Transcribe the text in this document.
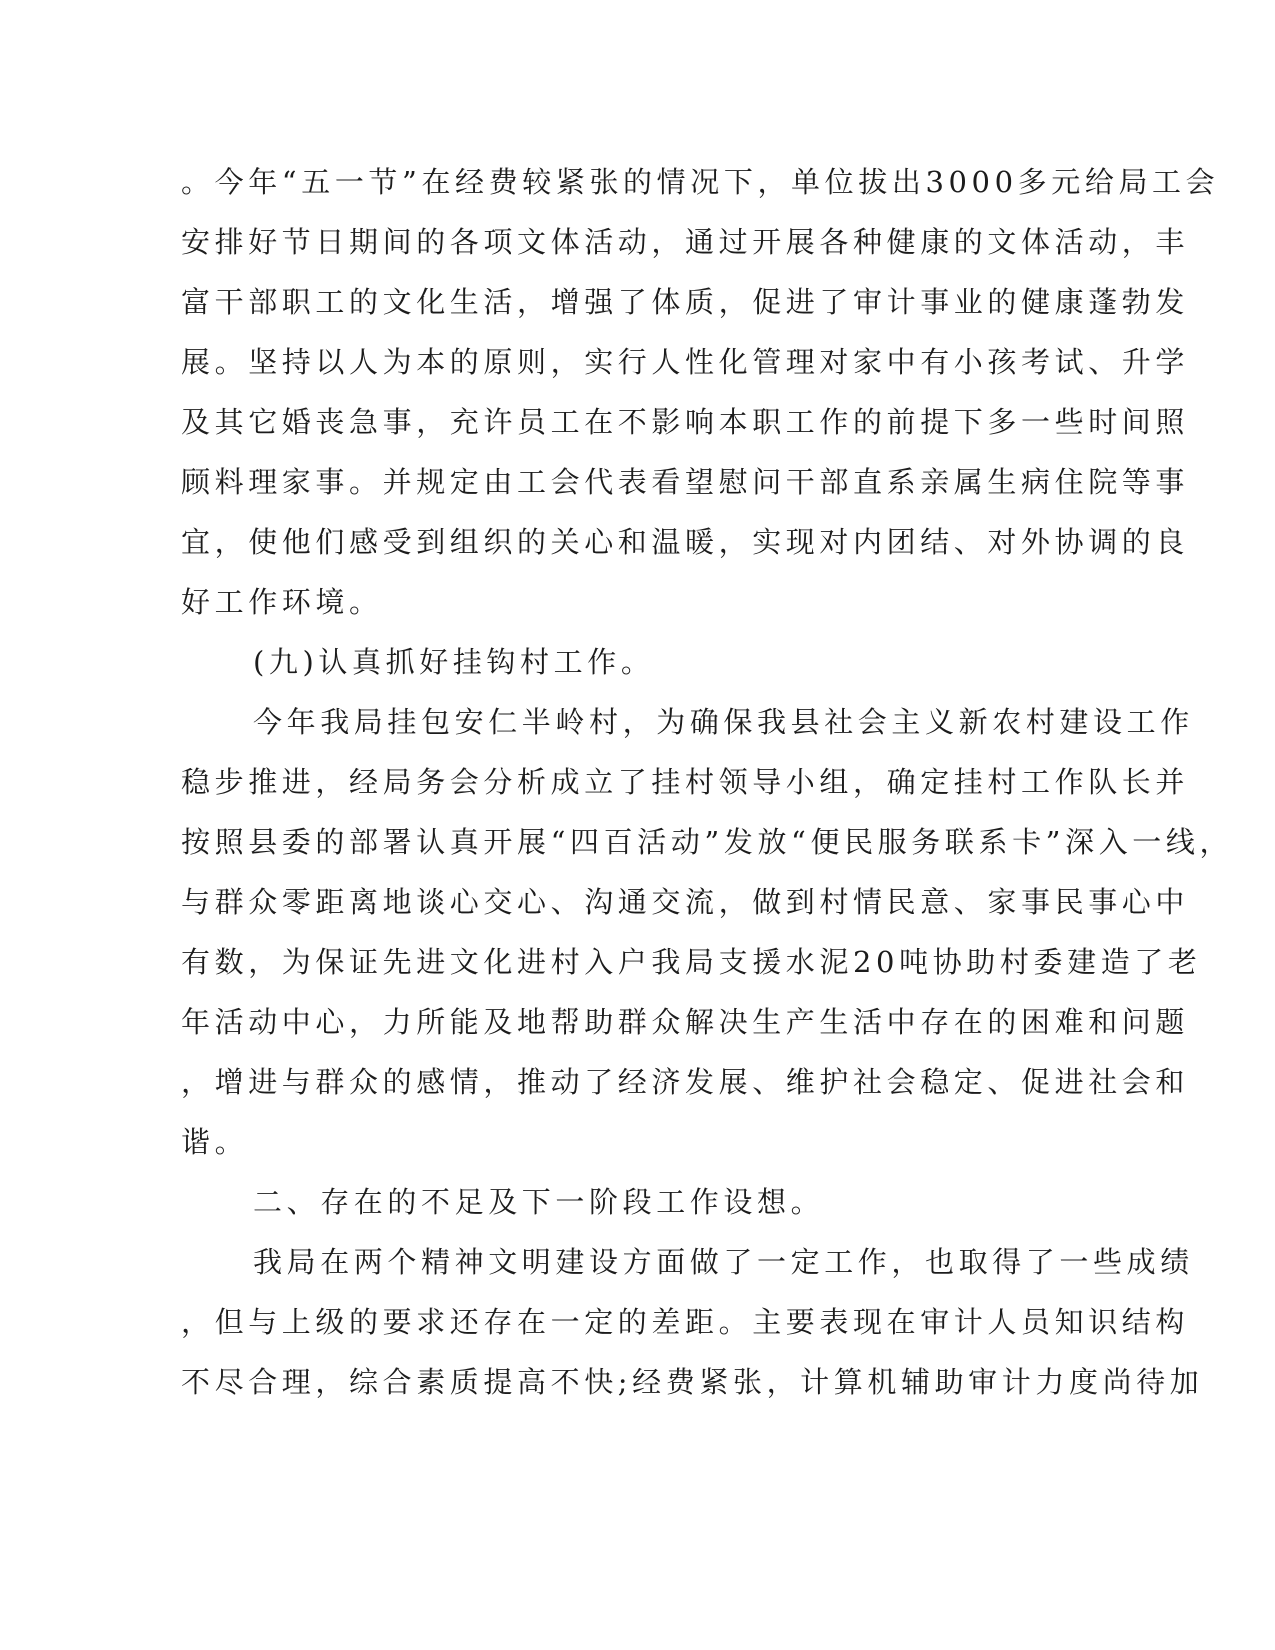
。今年“五一节”在经费较紧张的情况下，单位拔出3000多元给局工会
安排好节日期间的各项文体活动，通过开展各种健康的文体活动，丰
富干部职工的文化生活，增强了体质，促进了审计事业的健康蓬勃发
展。坚持以人为本的原则，实行人性化管理对家中有小孩考试、升学
及其它婚丧急事，充许员工在不影响本职工作的前提下多一些时间照
顾料理家事。并规定由工会代表看望慰问干部直系亲属生病住院等事
宜，使他们感受到组织的关心和温暖，实现对内团结、对外协调的良
好工作环境。
(九)认真抓好挂钩村工作。
今年我局挂包安仁半岭村，为确保我县社会主义新农村建设工作
稳步推进，经局务会分析成立了挂村领导小组，确定挂村工作队长并
按照县委的部署认真开展“四百活动”发放“便民服务联系卡”深入一线，
与群众零距离地谈心交心、沟通交流，做到村情民意、家事民事心中
有数，为保证先进文化进村入户我局支援水泥20吨协助村委建造了老
年活动中心，力所能及地帮助群众解决生产生活中存在的困难和问题
，增进与群众的感情，推动了经济发展、维护社会稳定、促进社会和
谐。
二、存在的不足及下一阶段工作设想。
我局在两个精神文明建设方面做了一定工作，也取得了一些成绩
，但与上级的要求还存在一定的差距。主要表现在审计人员知识结构
不尽合理，综合素质提高不快;经费紧张，计算机辅助审计力度尚待加
